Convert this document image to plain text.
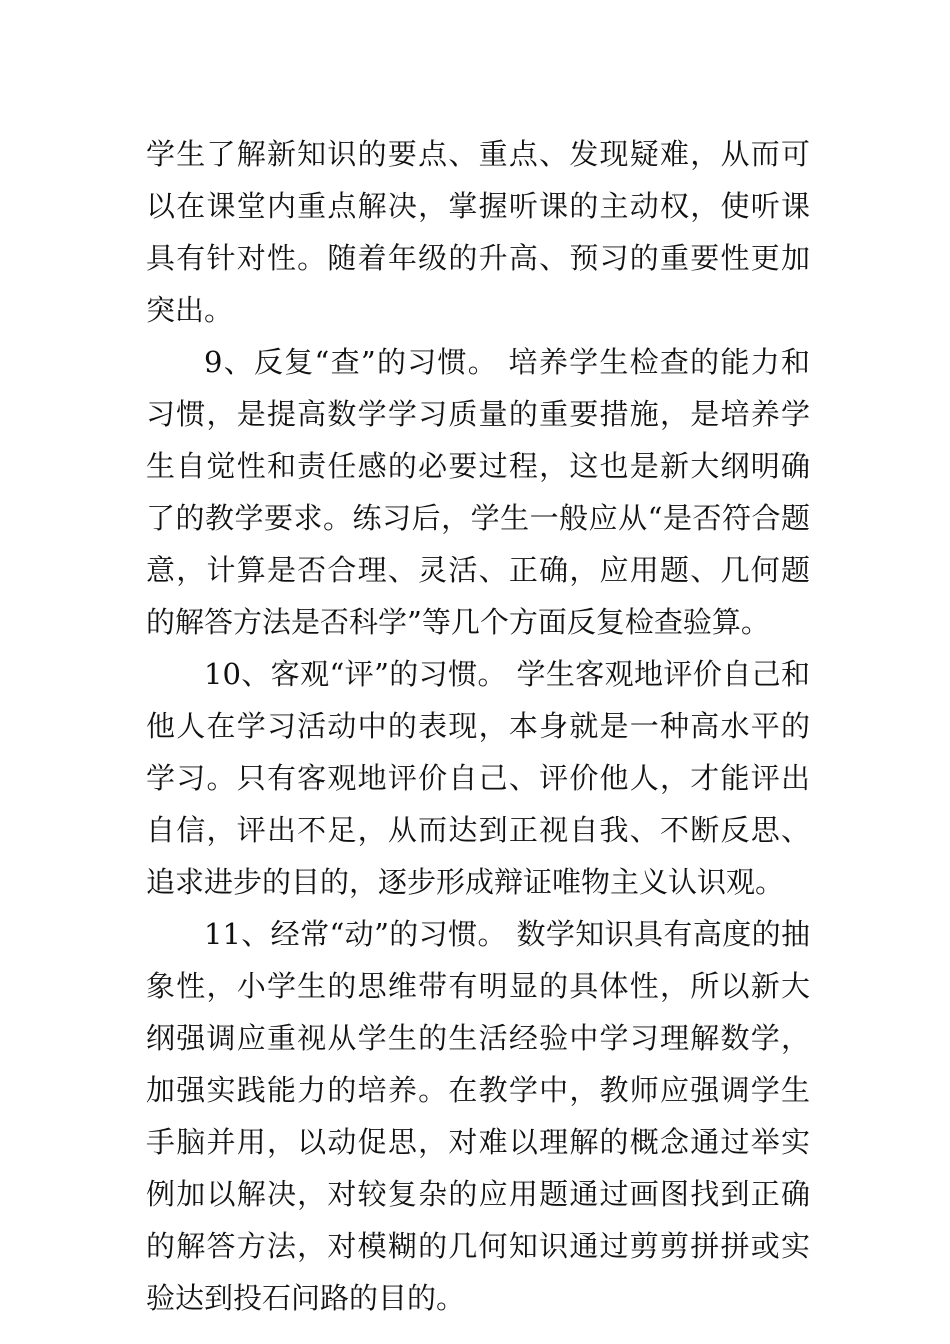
学生了解新知识的要点、重点、发现疑难，从而可以在课堂内重点解决，掌握听课的主动权，使听课具有针对性。随着年级的升高、预习的重要性更加突出。

9、反复“查”的习惯。 培养学生检查的能力和习惯，是提高数学学习质量的重要措施，是培养学生自觉性和责任感的必要过程，这也是新大纲明确了的教学要求。练习后，学生一般应从“是否符合题意，计算是否合理、灵活、正确，应用题、几何题的解答方法是否科学”等几个方面反复检查验算。

10、客观“评”的习惯。 学生客观地评价自己和他人在学习活动中的表现，本身就是一种高水平的学习。只有客观地评价自己、评价他人，才能评出自信，评出不足，从而达到正视自我、不断反思、追求进步的目的，逐步形成辩证唯物主义认识观。

11、经常“动”的习惯。 数学知识具有高度的抽象性，小学生的思维带有明显的具体性，所以新大纲强调应重视从学生的生活经验中学习理解数学，加强实践能力的培养。在教学中，教师应强调学生手脑并用，以动促思，对难以理解的概念通过举实例加以解决，对较复杂的应用题通过画图找到正确的解答方法，对模糊的几何知识通过剪剪拼拼或实验达到投石问路的目的。
